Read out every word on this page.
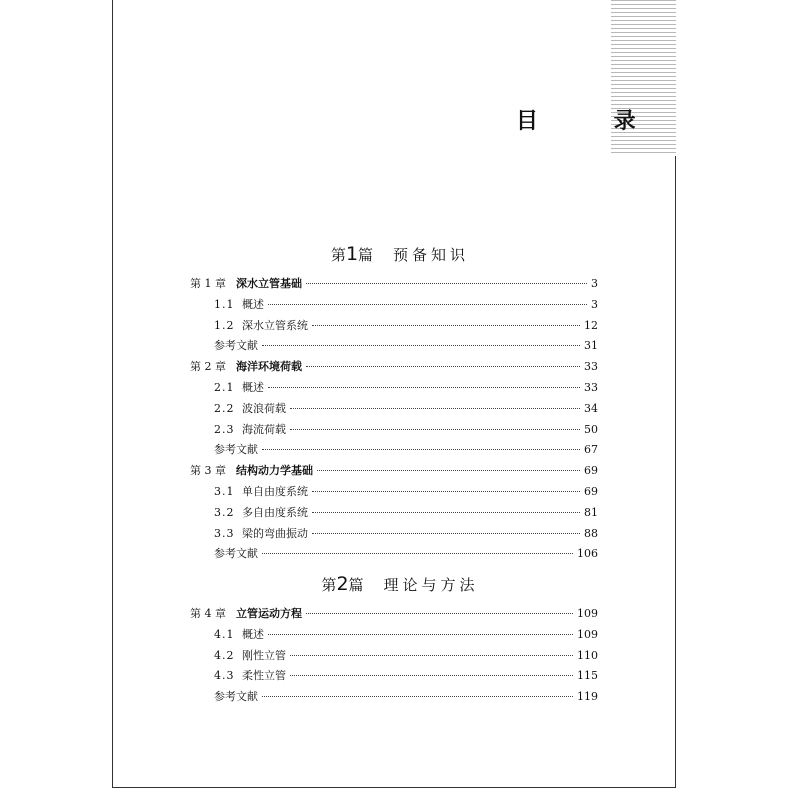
目 录
第1篇 预备知识
第 1 章 深水立管基础	3
1.1 概述	3
1.2 深水立管系统	12
参考文献	31
第 2 章 海洋环境荷载	33
2.1 概述	33
2.2 波浪荷载	34
2.3 海流荷载	50
参考文献	67
第 3 章 结构动力学基础	69
3.1 单自由度系统	69
3.2 多自由度系统	81
3.3 梁的弯曲振动	88
参考文献	106
第2篇 理论与方法
第 4 章 立管运动方程	109
4.1 概述	109
4.2 刚性立管	110
4.3 柔性立管	115
参考文献	119
